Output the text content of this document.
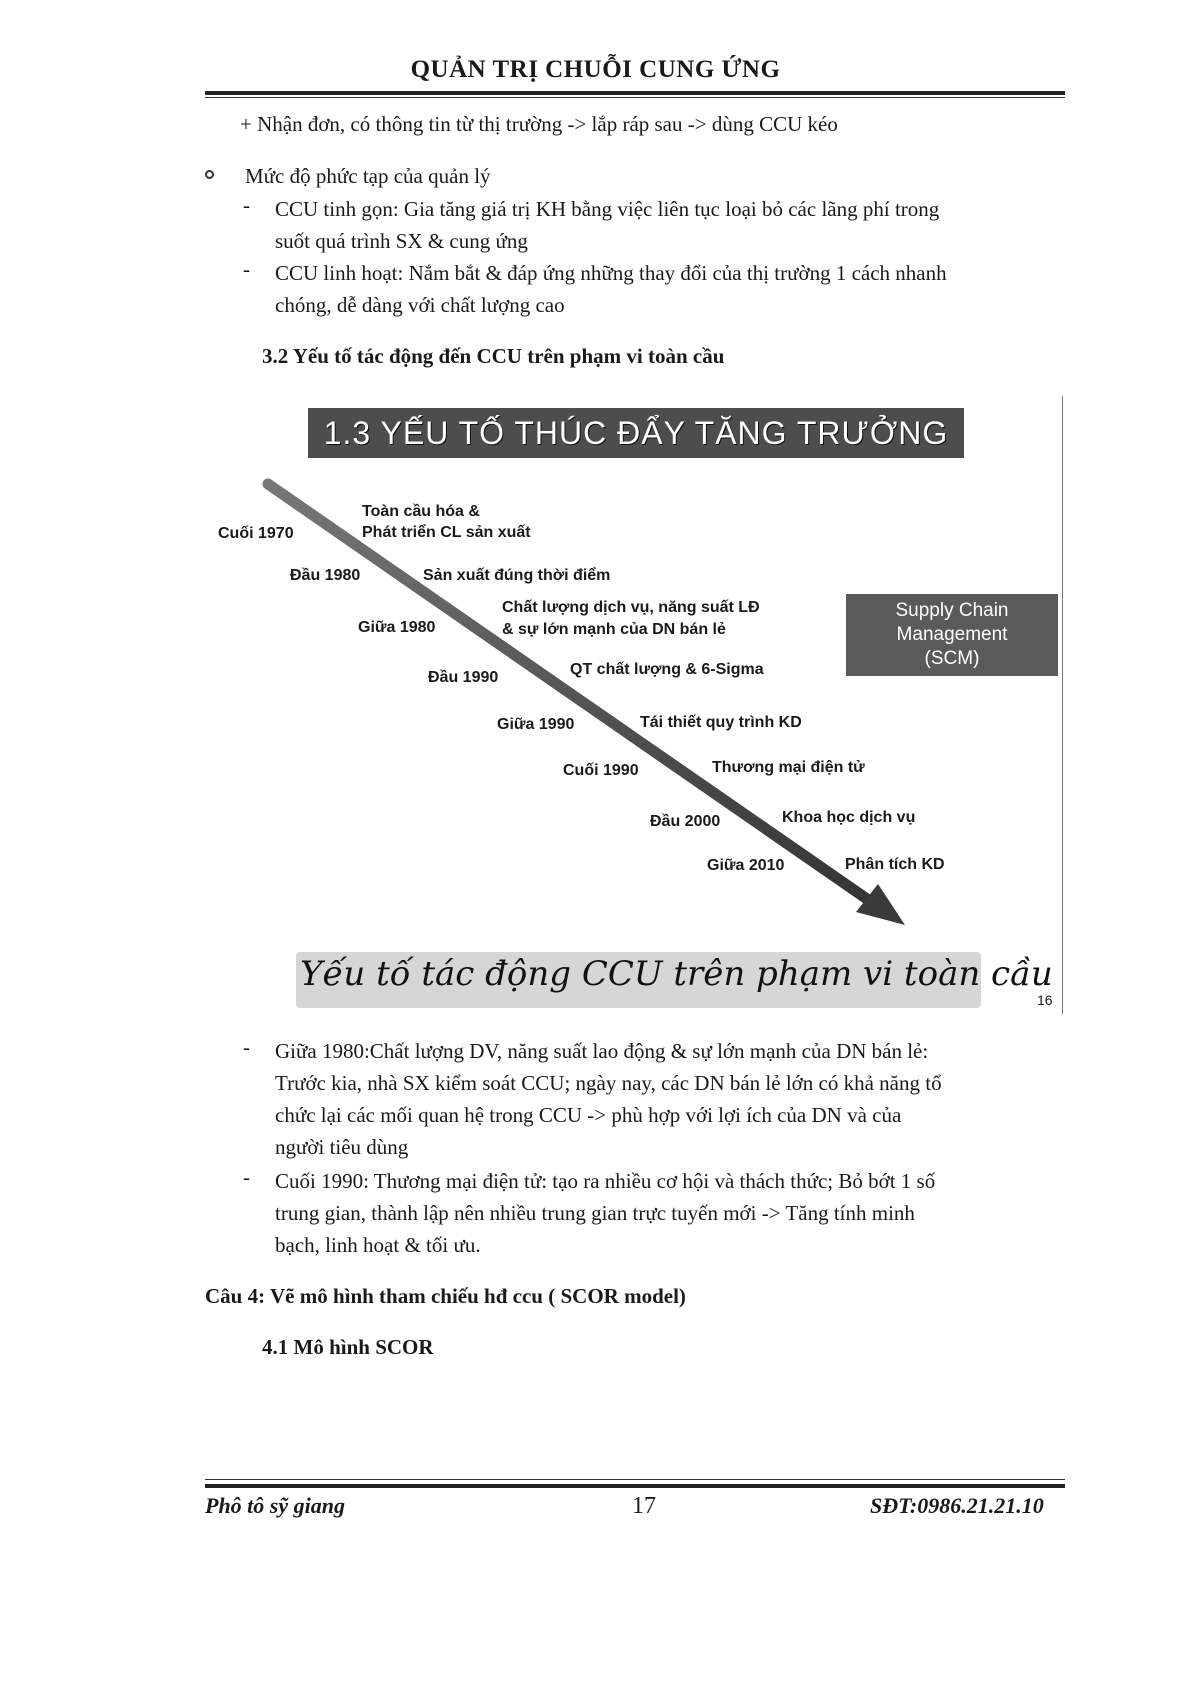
QUẢN TRỊ CHUỖI CUNG ỨNG
+ Nhận đơn, có thông tin từ thị trường -> lắp ráp sau -> dùng CCU kéo
Mức độ phức tạp của quản lý
- CCU tinh gọn: Gia tăng giá trị KH bằng việc liên tục loại bỏ các lãng phí trong
suốt quá trình SX & cung ứng
- CCU linh hoạt: Nắm bắt & đáp ứng những thay đổi của thị trường 1 cách nhanh
chóng, dễ dàng với chất lượng cao
3.2 Yếu tố tác động đến CCU trên phạm vi toàn cầu
1.3 YẾU TỐ THÚC ĐẨY TĂNG TRƯỞNG
Supply Chain
Management
(SCM)
Cuối 1970
Toàn cầu hóa &
Phát triển CL sản xuất
Đầu 1980	Sản xuất đúng thời điểm
Giữa 1980
Chất lượng dịch vụ, năng suất LĐ
& sự lớn mạnh của DN bán lẻ
Đầu 1990	QT chất lượng & 6-Sigma
Giữa 1990	Tái thiết quy trình KD
Cuối 1990	Thương mại điện tử
Đầu 2000	Khoa học dịch vụ
Giữa 2010	Phân tích KD
Yếu tố tác động CCU trên phạm vi toàn cầu
16
- Giữa 1980:Chất lượng DV, năng suất lao động & sự lớn mạnh của DN bán lẻ:
Trước kia, nhà SX kiểm soát CCU; ngày nay, các DN bán lẻ lớn có khả năng tổ
chức lại các mối quan hệ trong CCU -> phù hợp với lợi ích của DN và của
người tiêu dùng
- Cuối 1990: Thương mại điện tử: tạo ra nhiều cơ hội và thách thức; Bỏ bớt 1 số
trung gian, thành lập nên nhiều trung gian trực tuyến mới -> Tăng tính minh
bạch, linh hoạt & tối ưu.
Câu 4: Vẽ mô hình tham chiếu hđ ccu ( SCOR model)
4.1 Mô hình SCOR
Phô tô sỹ giang	17	SĐT:0986.21.21.10
